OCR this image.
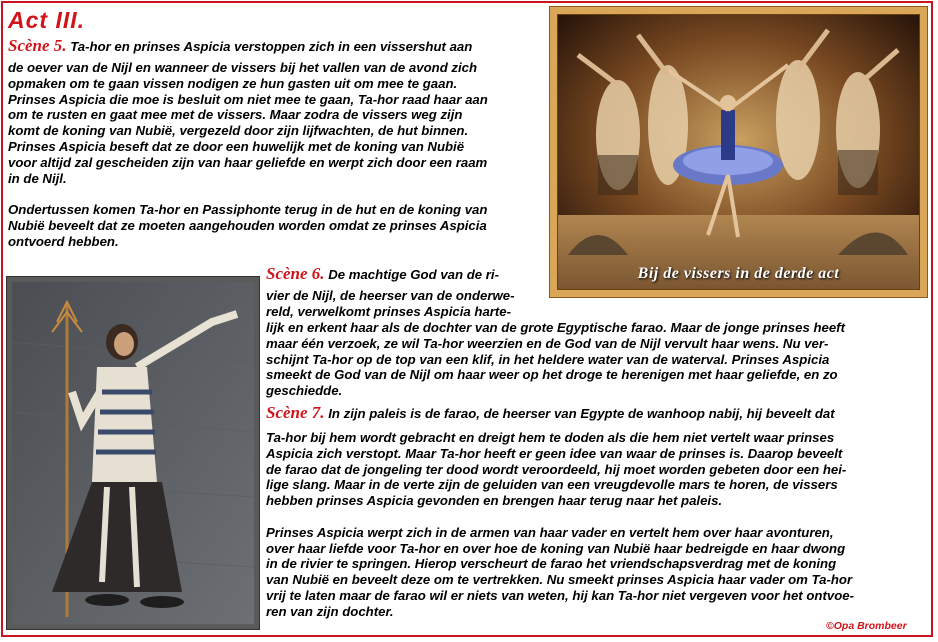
Act III.
Scène 5. Ta-hor en prinses Aspicia verstoppen zich in een vissershut aan
de oever van de Nijl en wanneer de vissers bij het vallen van de avond zich
opmaken om te gaan vissen nodigen ze hun gasten uit om mee te gaan.
Prinses Aspicia die moe is besluit om niet mee te gaan, Ta-hor raad haar aan
om te rusten en gaat mee met de vissers. Maar zodra de vissers weg zijn
komt de koning van Nubië, vergezeld door zijn lijfwachten, de hut binnen.
Prinses Aspicia beseft dat ze door een huwelijk met de koning van Nubië
voor altijd zal gescheiden zijn van haar geliefde en werpt zich door een raam
in de Nijl.

Ondertussen komen Ta-hor en Passiphonte terug in de hut en de koning van
Nubië beveelt dat ze moeten aangehouden worden omdat ze prinses Aspicia
ontvoerd hebben.
Bij de vissers in de derde act
Scène 6. De machtige God van de ri-
vier de Nijl, de heerser van de onderwe-
reld, verwelkomt prinses Aspicia harte-
lijk en erkent haar als de dochter van de grote Egyptische farao. Maar de jonge prinses heeft
maar één verzoek, ze wil Ta-hor weerzien en de God van de Nijl vervult haar wens. Nu ver-
schijnt Ta-hor op de top van een klif, in het heldere water van de waterval. Prinses Aspicia
smeekt de God van de Nijl om haar weer op het droge te herenigen met haar geliefde, en zo
geschiedde.
Scène 7. In zijn paleis is de farao, de heerser van Egypte de wanhoop nabij, hij beveelt dat
Ta-hor bij hem wordt gebracht en dreigt hem te doden als die hem niet vertelt waar prinses
Aspicia zich verstopt. Maar Ta-hor heeft er geen idee van waar de prinses is. Daarop beveelt
de farao dat de jongeling ter dood wordt veroordeeld, hij moet worden gebeten door een hei-
lige slang. Maar in de verte zijn de geluiden van een vreugdevolle mars te horen, de vissers
hebben prinses Aspicia gevonden en brengen haar terug naar het paleis.

Prinses Aspicia werpt zich in de armen van haar vader en vertelt hem over haar avonturen,
over haar liefde voor Ta-hor en over hoe de koning van Nubië haar bedreigde en haar dwong
in de rivier te springen. Hierop verscheurt de farao het vriendschapsverdrag met de koning
van Nubië en beveelt deze om te vertrekken. Nu smeekt prinses Aspicia haar vader om Ta-hor
vrij te laten maar de farao wil er niets van weten, hij kan Ta-hor niet vergeven voor het ontvoe-
ren van zijn dochter.
©Opa Brombeer
